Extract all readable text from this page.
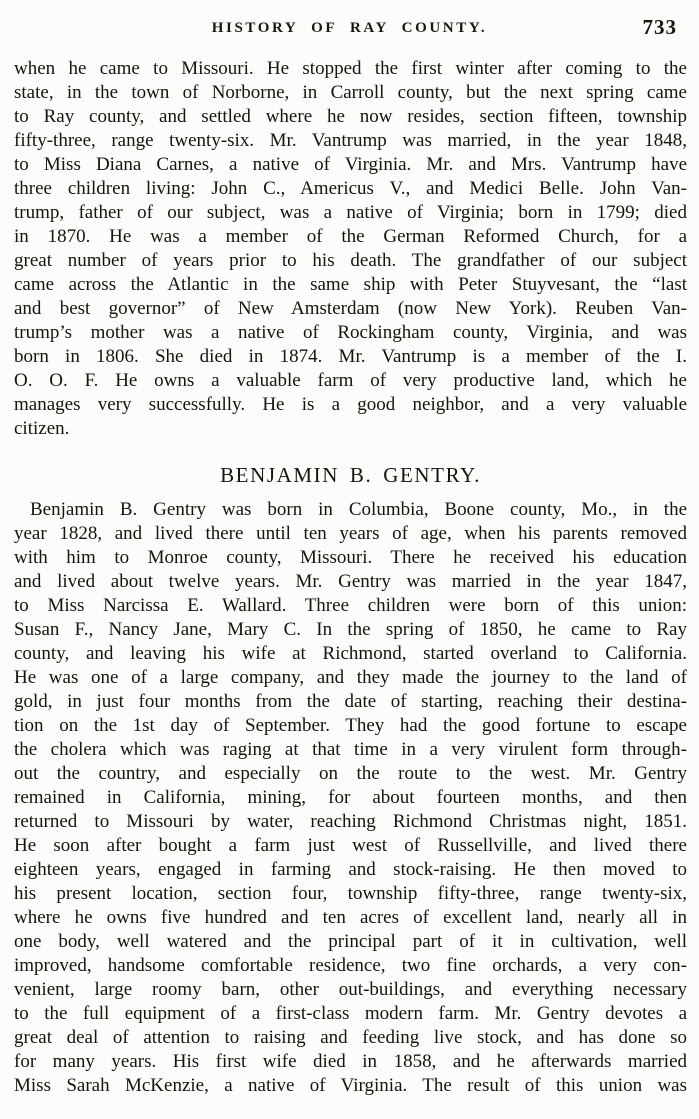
HISTORY OF RAY COUNTY.	733

when he came to Missouri. He stopped the first winter after coming to the
state, in the town of Norborne, in Carroll county, but the next spring came
to Ray county, and settled where he now resides, section fifteen, township
fifty-three, range twenty-six. Mr. Vantrump was married, in the year 1848,
to Miss Diana Carnes, a native of Virginia. Mr. and Mrs. Vantrump have
three children living: John C., Americus V., and Medici Belle. John Van-
trump, father of our subject, was a native of Virginia; born in 1799; died
in 1870. He was a member of the German Reformed Church, for a
great number of years prior to his death. The grandfather of our subject
came across the Atlantic in the same ship with Peter Stuyvesant, the “last
and best governor” of New Amsterdam (now New York). Reuben Van-
trump’s mother was a native of Rockingham county, Virginia, and was
born in 1806. She died in 1874. Mr. Vantrump is a member of the I.
O. O. F. He owns a valuable farm of very productive land, which he
manages very successfully. He is a good neighbor, and a very valuable
citizen.

BENJAMIN B. GENTRY.

Benjamin B. Gentry was born in Columbia, Boone county, Mo., in the
year 1828, and lived there until ten years of age, when his parents removed
with him to Monroe county, Missouri. There he received his education
and lived about twelve years. Mr. Gentry was married in the year 1847,
to Miss Narcissa E. Wallard. Three children were born of this union:
Susan F., Nancy Jane, Mary C. In the spring of 1850, he came to Ray
county, and leaving his wife at Richmond, started overland to California.
He was one of a large company, and they made the journey to the land of
gold, in just four months from the date of starting, reaching their destina-
tion on the 1st day of September. They had the good fortune to escape
the cholera which was raging at that time in a very virulent form through-
out the country, and especially on the route to the west. Mr. Gentry
remained in California, mining, for about fourteen months, and then
returned to Missouri by water, reaching Richmond Christmas night, 1851.
He soon after bought a farm just west of Russellville, and lived there
eighteen years, engaged in farming and stock-raising. He then moved to
his present location, section four, township fifty-three, range twenty-six,
where he owns five hundred and ten acres of excellent land, nearly all in
one body, well watered and the principal part of it in cultivation, well
improved, handsome comfortable residence, two fine orchards, a very con-
venient, large roomy barn, other out-buildings, and everything necessary
to the full equipment of a first-class modern farm. Mr. Gentry devotes a
great deal of attention to raising and feeding live stock, and has done so
for many years. His first wife died in 1858, and he afterwards married
Miss Sarah McKenzie, a native of Virginia. The result of this union was
